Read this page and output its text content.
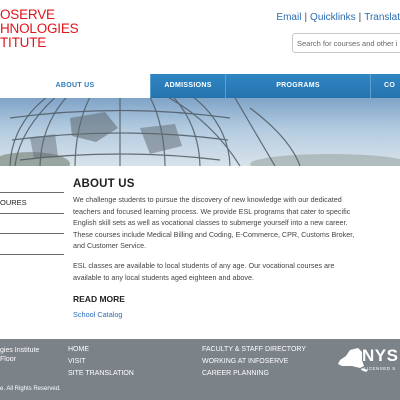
OSERVE
HNOLOGIES
TITUTE
Email | Quicklinks | Translat
Search for courses and other i
ABOUT US	ADMISSIONS	PROGRAMS	CO
OURES
ABOUT US
We challenge students to pursue the discovery of new knowledge with our dedicated teachers and focused learning process. We provide ESL programs that cater to specific English skill sets as well as vocational classes to submerge yourself into a new career. These courses include Medical Billing and Coding, E-Commerce, CPR, Customs Broker, and Customer Service.
ESL classes are available to local students of any age. Our vocational courses are available to any local students aged eighteen and above.
READ MORE
School Catalog
gies Institute
Floor
HOME
VISIT
SITE TRANSLATION
FACULTY & STAFF DIRECTORY
WORKING AT INFOSERVE
CAREER PLANNING
e. All Rights Reserved.
NYS
LICENSED S
